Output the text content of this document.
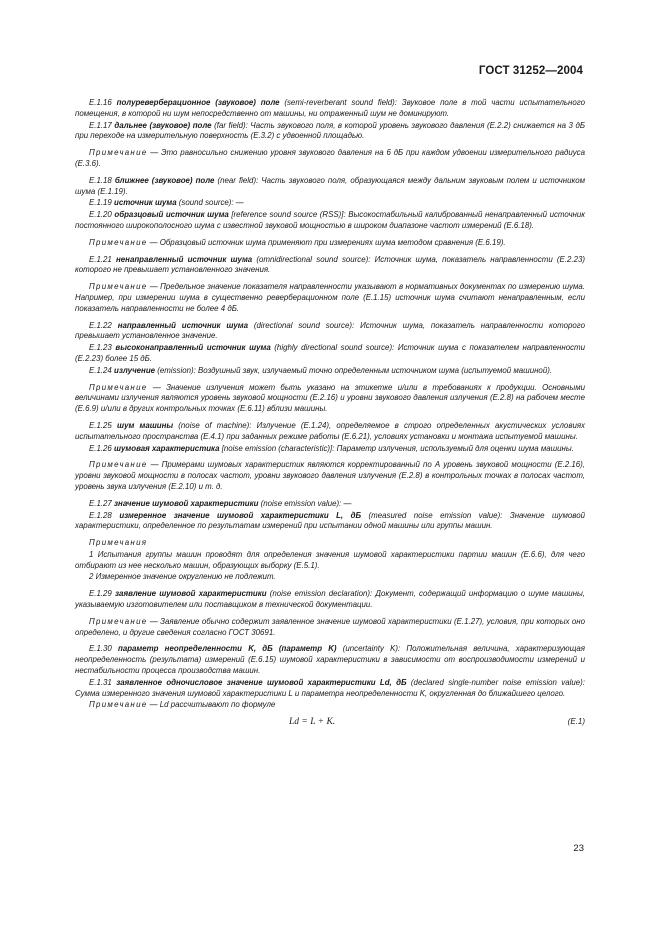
ГОСТ 31252—2004

Е.1.16 полуреверберационное (звуковое) поле (semi-reverberant sound field): Звуковое поле в той части испытательного помещения, в которой ни шум непосредственно от машины, ни отраженный шум не доминируют.

Е.1.17 дальнее (звуковое) поле (far field): Часть звукового поля, в которой уровень звукового давления (Е.2.2) снижается на 3 дБ при переходе на измерительную поверхность (Е.3.2) с удвоенной площадью.

Примечание — Это равносильно снижению уровня звукового давления на 6 дБ при каждом удвоении измерительного радиуса (Е.3.6).

Е.1.18 ближнее (звуковое) поле (near field): Часть звукового поля, образующаяся между дальним звуковым полем и источником шума (Е.1.19).

Е.1.19 источник шума (sound source): —

Е.1.20 образцовый источник шума [reference sound source (RSS)]: Высокостабильный калиброванный ненаправленный источник постоянного широкополосного шума с известной звуковой мощностью в широком диапазоне частот измерений (Е.6.18).

Примечание — Образцовый источник шума применяют при измерениях шума методом сравнения (Е.6.19).

Е.1.21 ненаправленный источник шума (omnidirectional sound source): Источник шума, показатель направленности (Е.2.23) которого не превышает установленного значения.

Примечание — Предельное значение показателя направленности указывают в нормативных документах по измерению шума. Например, при измерении шума в существенно реверберационном поле (Е.1.15) источник шума считают ненаправленным, если показатель направленности не более 4 дБ.

Е.1.22 направленный источник шума (directional sound source): Источник шума, показатель направленности которого превышает установленное значение.

Е.1.23 высоконаправленный источник шума (highly directional sound source): Источник шума с показателем направленности (Е.2.23) более 15 дБ.

Е.1.24 излучение (emission): Воздушный звук, излучаемый точно определенным источником шума (испытуемой машиной).

Примечание — Значение излучения может быть указано на этикетке и/или в требованиях к продукции. Основными величинами излучения являются уровень звуковой мощности (Е.2.16) и уровни звукового давления излучения (Е.2.8) на рабочем месте (Е.6.9) и/или в других контрольных точках (Е.6.11) вблизи машины.

Е.1.25 шум машины (noise of machine): Излучение (Е.1.24), определяемое в строго определенных акустических условиях испытательного пространства (Е.4.1) при заданных режиме работы (Е.6.21), условиях установки и монтажа испытуемой машины.

Е.1.26 шумовая характеристика [noise emission (characteristic)]: Параметр излучения, используемый для оценки шума машины.

Примечание — Примерами шумовых характеристик являются корректированный по А уровень звуковой мощности (Е.2.16), уровни звуковой мощности в полосах частот, уровни звукового давления излучения (Е.2.8) в контрольных точках в полосах частот, уровень звука излучения (Е.2.10) и т. д.

Е.1.27 значение шумовой характеристики (noise emission value): —

Е.1.28 измеренное значение шумовой характеристики L, дБ (measured noise emission value): Значение шумовой характеристики, определенное по результатам измерений при испытании одной машины или группы машин.

Примечания

1 Испытания группы машин проводят для определения значения шумовой характеристики партии машин (Е.6.6), для чего отбирают из нее несколько машин, образующих выборку (Е.5.1).

2 Измеренное значение округлению не подлежит.

Е.1.29 заявление шумовой характеристики (noise emission declaration): Документ, содержащий информацию о шуме машины, указываемую изготовителем или поставщиком в технической документации.

Примечание — Заявление обычно содержит заявленное значение шумовой характеристики (Е.1.27), условия, при которых оно определено, и другие сведения согласно ГОСТ 30691.

Е.1.30 параметр неопределенности K, дБ (параметр K) (uncertainty K): Положительная величина, характеризующая неопределенность (результата) измерений (Е.6.15) шумовой характеристики в зависимости от воспроизводимости измерений и нестабильности процесса производства машин.

Е.1.31 заявленное одночисловое значение шумовой характеристики Ld, дБ (declared single-number noise emission value): Сумма измеренного значения шумовой характеристики L и параметра неопределенности K, округленная до ближайшего целого.

Примечание — Ld рассчитывают по формуле

Ld = L + K.	(Е.1)
23
